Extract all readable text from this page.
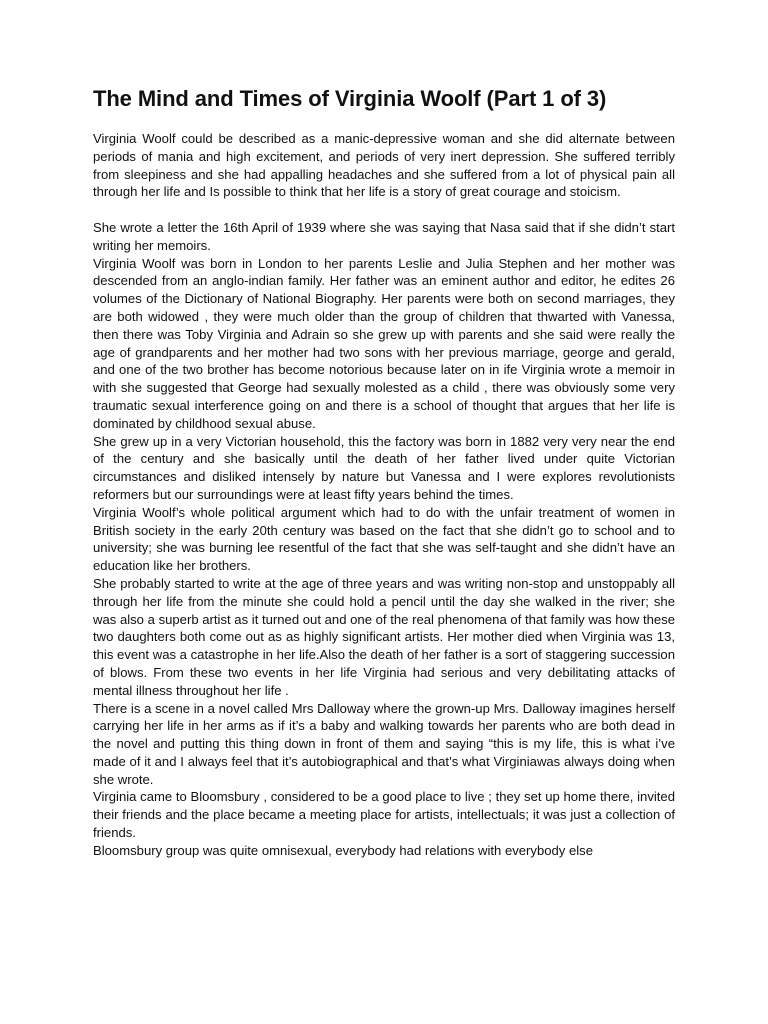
The Mind and Times of Virginia Woolf (Part 1 of 3)

Virginia Woolf could be described as a manic-depressive woman and she did alternate between periods of mania and high excitement, and periods of very inert depression. She suffered terribly from sleepiness and she had appalling headaches and she suffered from a lot of physical pain all through her life and Is possible to think that her life is a story of great courage and stoicism.

She wrote a letter the 16th April of 1939 where she was saying that Nasa said that if she didn’t start writing her memoirs.

Virginia Woolf was born in London to her parents Leslie and Julia Stephen and her mother was descended from an anglo-indian family. Her father was an eminent author and editor, he edites 26 volumes of the Dictionary of National Biography. Her parents were both on second marriages, they are both widowed , they were much older than the group of children that thwarted with Vanessa, then there was Toby Virginia and Adrain so she grew up with parents and she said were really the age of grandparents and her mother had two sons with her previous marriage, george and gerald, and one of the two brother has become notorious because later on in ife Virginia wrote a memoir in with she suggested that George had sexually molested as a child , there was obviously some very traumatic sexual interference going on and there is a school of thought that argues that her life is dominated by childhood sexual abuse.

She grew up in a very Victorian household, this the factory was born in 1882 very very near the end of the century and she basically until the death of her father lived under quite Victorian circumstances and disliked intensely by nature but Vanessa and I were explores revolutionists reformers but our surroundings were at least fifty years behind the times.

Virginia Woolf’s whole political argument which had to do with the unfair treatment of women in British society in the early 20th century was based on the fact that she didn’t go to school and to university; she was burning lee resentful of the fact that she was self-taught and she didn’t have an education like her brothers.

She probably started to write at the age of three years and was writing non-stop and unstoppably all through her life from the minute she could hold a pencil until the day she walked in the river; she was also a superb artist as it turned out and one of the real phenomena of that family was how these two daughters both come out as as highly significant artists. Her mother died when Virginia was 13, this event was a catastrophe in her life.Also the death of her father is a sort of staggering succession of blows. From these two events in her life Virginia had serious and very debilitating attacks of mental illness throughout her life .

There is a scene in a novel called Mrs Dalloway where the grown-up Mrs. Dalloway imagines herself carrying her life in her arms as if it’s a baby and walking towards her parents who are both dead in the novel and putting this thing down in front of them and saying “this is my life, this is what i’ve made of it and I always feel that it’s autobiographical and that’s what Virginiawas always doing when she wrote.

Virginia came to Bloomsbury , considered to be a good place to live ; they set up home there, invited their friends and the place became a meeting place for artists, intellectuals; it was just a collection of friends.

Bloomsbury group was quite omnisexual, everybody had relations with everybody else
